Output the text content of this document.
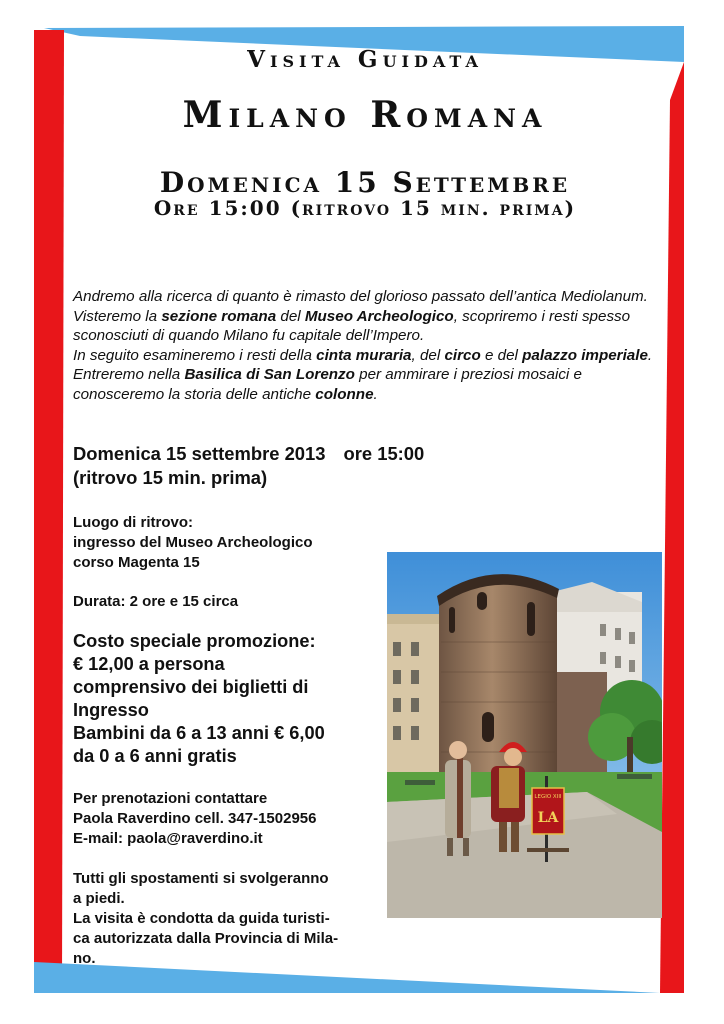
Visita Guidata
Milano Romana
Domenica 15 Settembre
Ore 15:00 (ritrovo 15 min. prima)

Andremo alla ricerca di quanto è rimasto del glorioso passato dell’antica Mediolanum. Visteremo la sezione romana del Museo Archeologico, scopriremo i resti spesso sconosciuti di quando Milano fu capitale dell’Impero.

In seguito esamineremo i resti della cinta muraria, del circo e del palazzo imperiale. Entreremo nella Basilica di San Lorenzo per ammirare i preziosi mosaici e conosceremo la storia delle antiche colonne.

Domenica 15 settembre 2013 ore 15:00

(ritrovo 15 min. prima)

Luogo di ritrovo:

ingresso del Museo Archeologico

corso Magenta 15

Durata: 2 ore e 15 circa

Costo speciale promozione:

€ 12,00 a persona

comprensivo dei biglietti di

Ingresso

Bambini da 6 a 13 anni € 6,00

da 0 a 6 anni gratis

Per prenotazioni contattare

Paola Raverdino cell. 347-1502956

E-mail: paola@raverdino.it

Tutti gli spostamenti si svolgeranno

a piedi.

La visita è condotta da guida turisti-

ca autorizzata dalla Provincia di Mila-

no.

LEGIO XIII
LA
